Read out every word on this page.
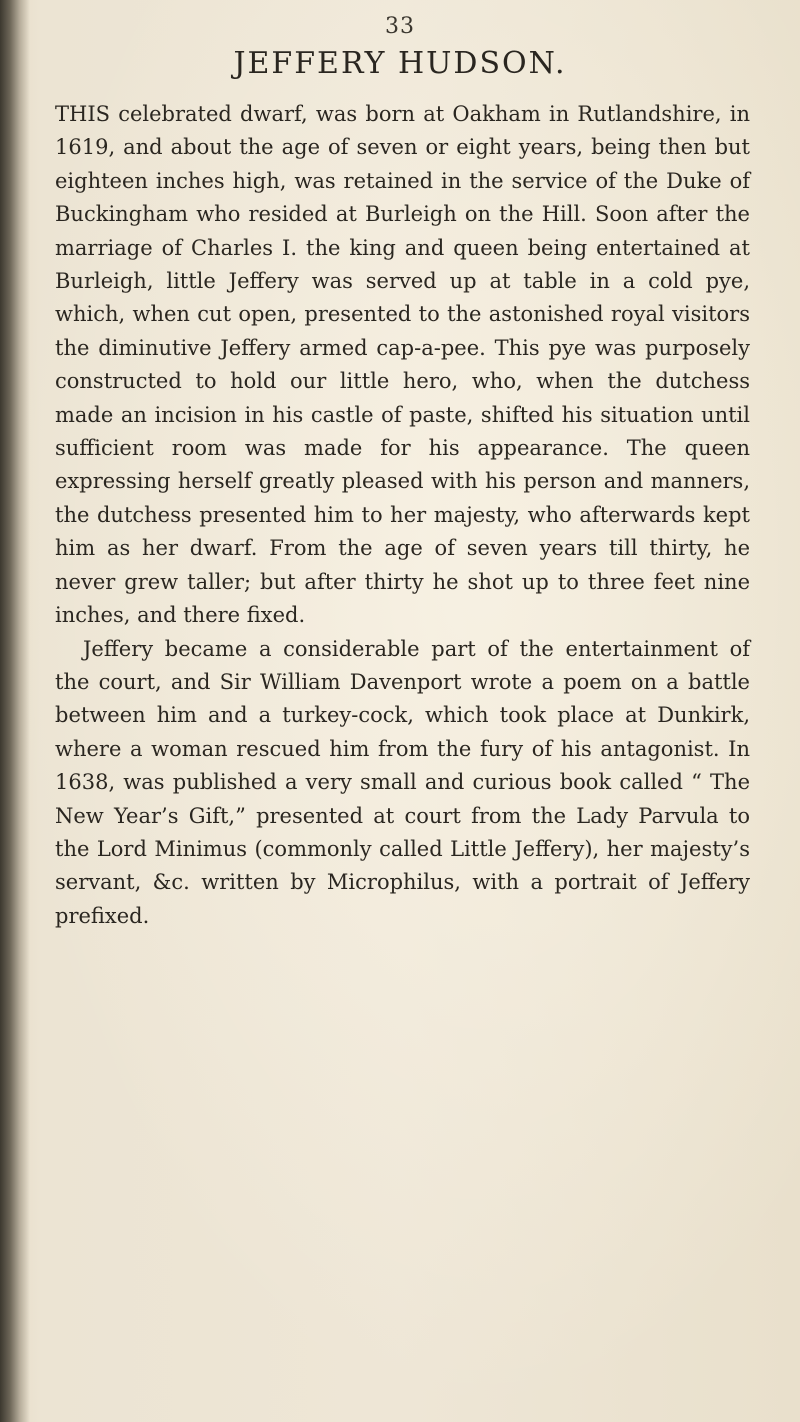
33
JEFFERY HUDSON.

THIS celebrated dwarf, was born at Oakham in Rutlandshire, in 1619, and about the age of seven or eight years, being then but eighteen inches high, was retained in the service of the Duke of Buckingham who resided at Burleigh on the Hill. Soon after the marriage of Charles I. the king and queen being entertained at Burleigh, little Jeffery was served up at table in a cold pye, which, when cut open, presented to the astonished royal visitors the diminutive Jeffery armed cap-a-pee. This pye was purposely constructed to hold our little hero, who, when the dutchess made an incision in his castle of paste, shifted his situation until sufficient room was made for his appearance. The queen expressing herself greatly pleased with his person and manners, the dutchess presented him to her majesty, who afterwards kept him as her dwarf. From the age of seven years till thirty, he never grew taller; but after thirty he shot up to three feet nine inches, and there fixed.

Jeffery became a considerable part of the entertainment of the court, and Sir William Davenport wrote a poem on a battle between him and a turkey-cock, which took place at Dunkirk, where a woman rescued him from the fury of his antagonist. In 1638, was published a very small and curious book called “ The New Year’s Gift,” presented at court from the Lady Parvula to the Lord Minimus (commonly called Little Jeffery), her majesty’s servant, &c. written by Microphilus, with a portrait of Jeffery prefixed.
